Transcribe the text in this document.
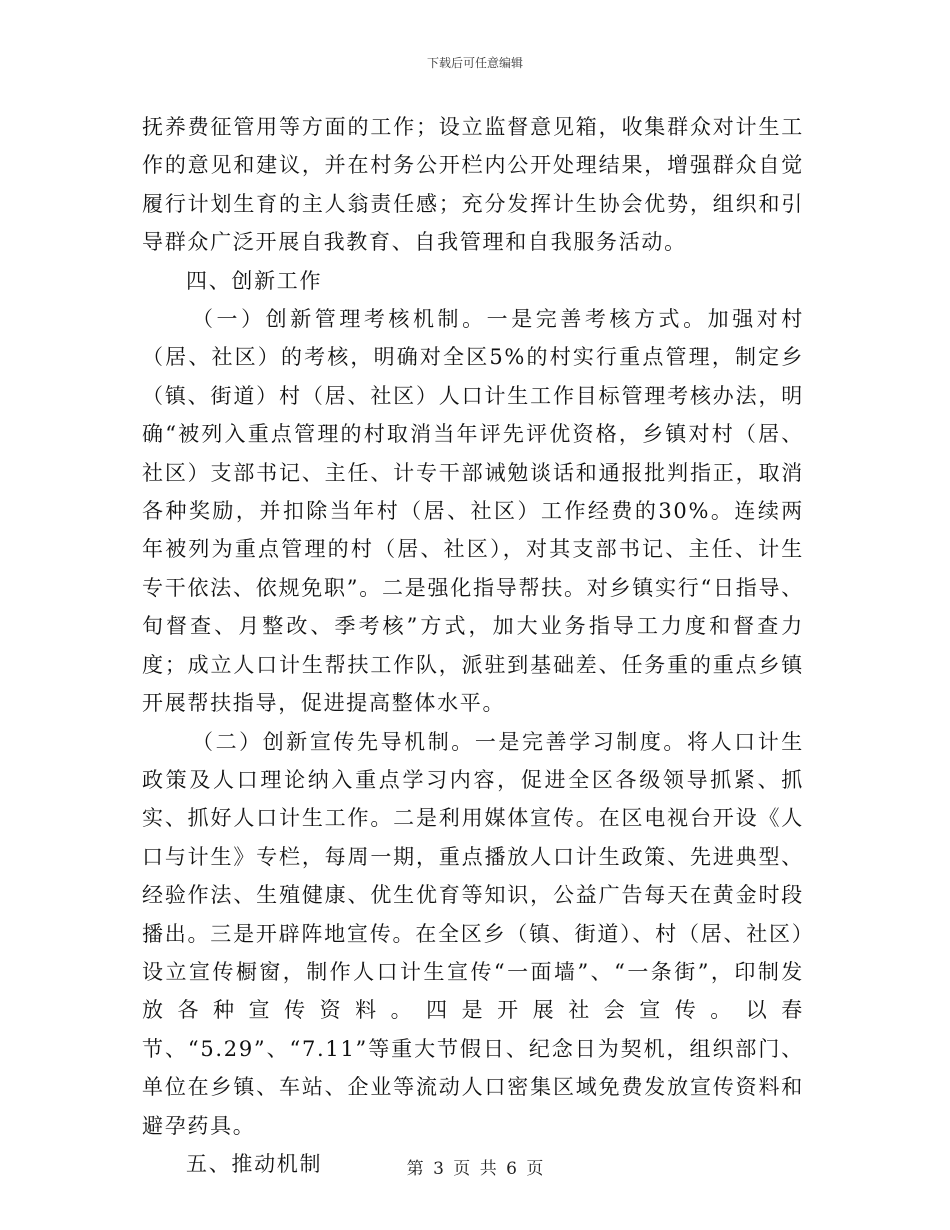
下载后可任意编辑

抚养费征管用等方面的工作；设立监督意见箱，收集群众对计生工作的意见和建议，并在村务公开栏内公开处理结果，增强群众自觉履行计划生育的主人翁责任感；充分发挥计生协会优势，组织和引导群众广泛开展自我教育、自我管理和自我服务活动。

四、创新工作

（一）创新管理考核机制。一是完善考核方式。加强对村（居、社区）的考核，明确对全区5%的村实行重点管理，制定乡（镇、街道）村（居、社区）人口计生工作目标管理考核办法，明确“被列入重点管理的村取消当年评先评优资格，乡镇对村（居、社区）支部书记、主任、计专干部诫勉谈话和通报批判指正，取消各种奖励，并扣除当年村（居、社区）工作经费的30%。连续两年被列为重点管理的村（居、社区），对其支部书记、主任、计生专干依法、依规免职”。二是强化指导帮扶。对乡镇实行“日指导、旬督查、月整改、季考核”方式，加大业务指导工力度和督查力度；成立人口计生帮扶工作队，派驻到基础差、任务重的重点乡镇开展帮扶指导，促进提高整体水平。

（二）创新宣传先导机制。一是完善学习制度。将人口计生政策及人口理论纳入重点学习内容，促进全区各级领导抓紧、抓实、抓好人口计生工作。二是利用媒体宣传。在区电视台开设《人口与计生》专栏，每周一期，重点播放人口计生政策、先进典型、经验作法、生殖健康、优生优育等知识，公益广告每天在黄金时段播出。三是开辟阵地宣传。在全区乡（镇、街道）、村（居、社区）设立宣传橱窗，制作人口计生宣传“一面墙”、“一条街”，印制发放各种宣传资料。四是开展社会宣传。以春节、“5.29”、“7.11”等重大节假日、纪念日为契机，组织部门、单位在乡镇、车站、企业等流动人口密集区域免费发放宣传资料和避孕药具。

五、推动机制	第 3 页 共 6 页
